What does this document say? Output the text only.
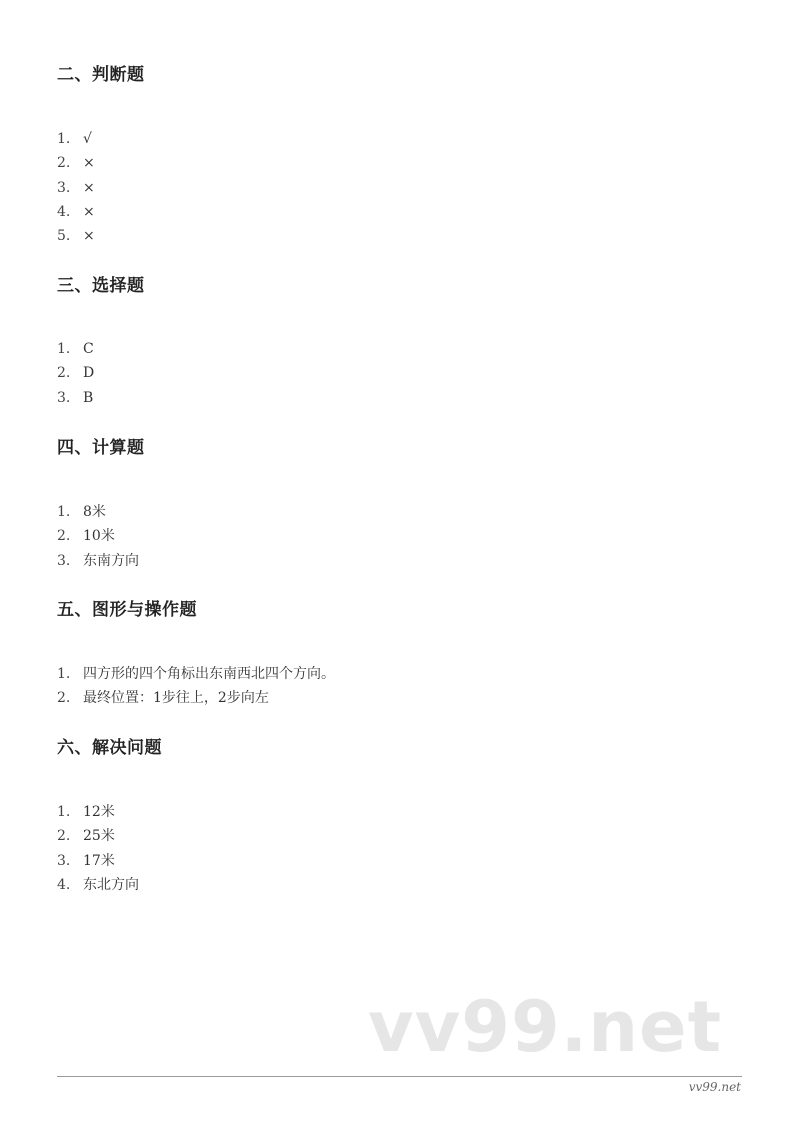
二、判断题
1. √
2. ×
3. ×
4. ×
5. ×
三、选择题
1. C
2. D
3. B
四、计算题
1. 8米
2. 10米
3. 东南方向
五、图形与操作题
1. 四方形的四个角标出东南西北四个方向。
2. 最终位置：1步往上，2步向左
六、解决问题
1. 12米
2. 25米
3. 17米
4. 东北方向
vv99.net
vv99.net
